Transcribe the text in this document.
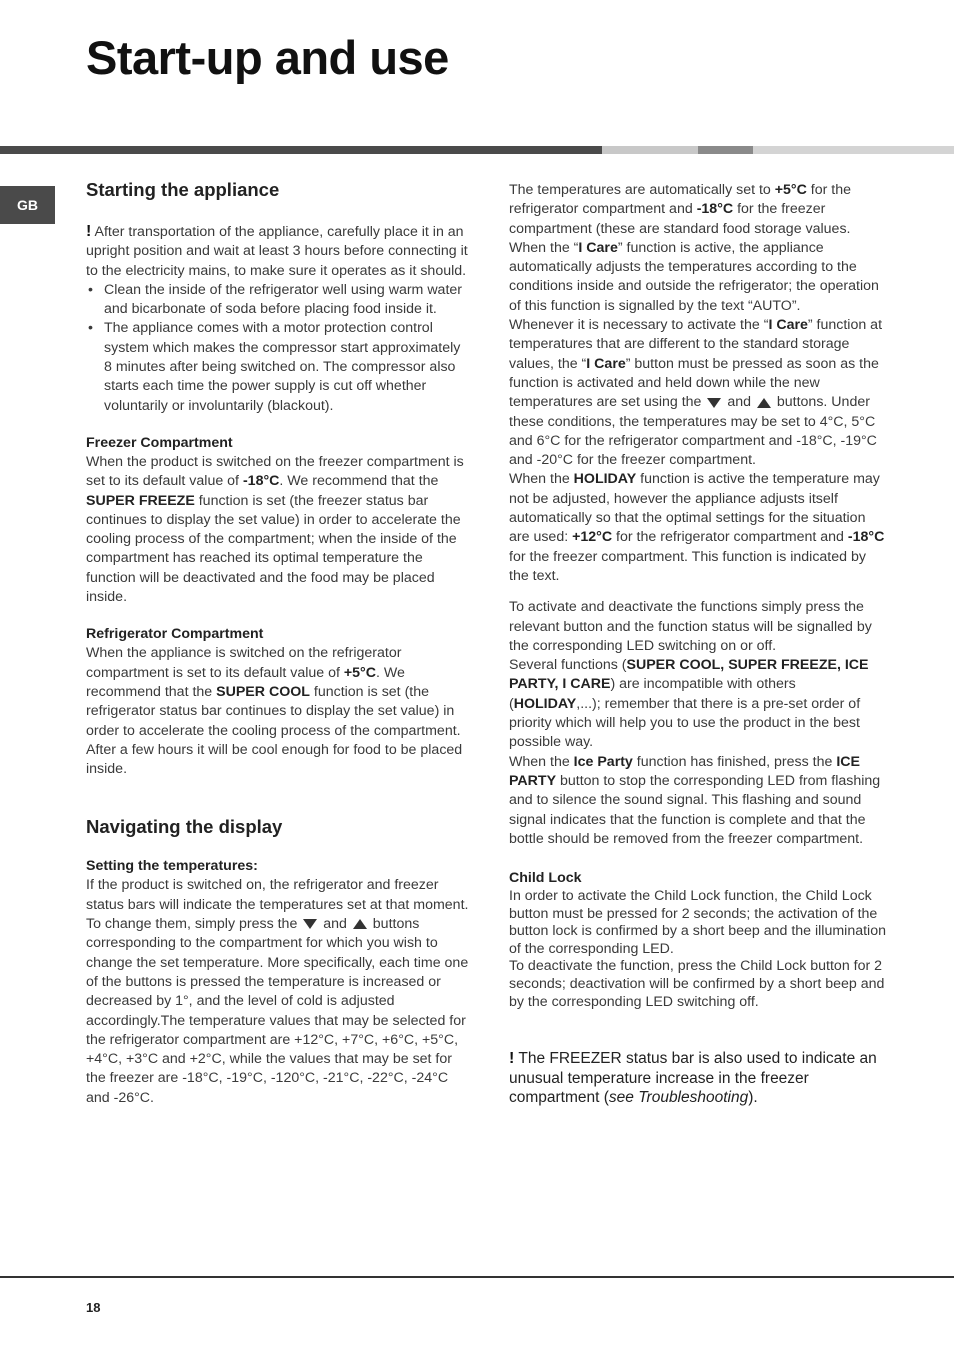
Start-up and use
GB
Starting the appliance

! After transportation of the appliance, carefully place it in an upright position and wait at least 3 hours before connecting it to the electricity mains, to make sure it operates as it should.

• Clean the inside of the refrigerator well using warm water and bicarbonate of soda before placing food inside it.
• The appliance comes with a motor protection control system which makes the compressor start approximately 8 minutes after being switched on. The compressor also starts each time the power supply is cut off whether voluntarily or involuntarily (blackout).
Freezer Compartment

When the product is switched on the freezer compartment is set to its default value of -18°C. We recommend that the SUPER FREEZE function is set (the freezer status bar continues to display the set value) in order to accelerate the cooling process of the compartment; when the inside of the compartment has reached its optimal temperature the function will be deactivated and the food may be placed inside.

Refrigerator Compartment

When the appliance is switched on the refrigerator compartment is set to its default value of +5°C. We recommend that the SUPER COOL function is set (the refrigerator status bar continues to display the set value) in order to accelerate the cooling process of the compartment. After a few hours it will be cool enough for food to be placed inside.

Navigating the display
Setting the temperatures:

If the product is switched on, the refrigerator and freezer status bars will indicate the temperatures set at that moment. To change them, simply press the  and  buttons corresponding to the compartment for which you wish to change the set temperature. More specifically, each time one of the buttons is pressed the temperature is increased or decreased by 1°, and the level of cold is adjusted accordingly.The temperature values that may be selected for the refrigerator compartment are +12°C, +7°C, +6°C, +5°C, +4°C, +3°C and +2°C, while the values that may be set for the freezer are -18°C, -19°C, -120°C, -21°C, -22°C, -24°C and -26°C.

The temperatures are automatically set to +5°C for the refrigerator compartment and -18°C for the freezer compartment (these are standard food storage values.

When the “I Care” function is active, the appliance automatically adjusts the temperatures according to the conditions inside and outside the refrigerator; the operation of this function is signalled by the text “AUTO”.

Whenever it is necessary to activate the “I Care” function at temperatures that are different to the standard storage values, the “I Care” button must be pressed as soon as the function is activated and held down while the new temperatures are set using the  and  buttons. Under these conditions, the temperatures may be set to 4°C, 5°C and 6°C for the refrigerator compartment and -18°C, -19°C and -20°C for the freezer compartment.

When the HOLIDAY function is active the temperature may not be adjusted, however the appliance adjusts itself automatically so that the optimal settings for the situation are used: +12°C for the refrigerator compartment and -18°C for the freezer compartment. This function is indicated by the text.

To activate and deactivate the functions simply press the relevant button and the function status will be signalled by the corresponding LED switching on or off.

Several functions (SUPER COOL, SUPER FREEZE, ICE PARTY, I CARE) are incompatible with others (HOLIDAY,...); remember that there is a pre-set order of priority which will help you to use the product in the best possible way.

When the Ice Party function has finished, press the ICE PARTY button to stop the corresponding LED from flashing and to silence the sound signal. This flashing and sound signal indicates that the function is complete and that the bottle should be removed from the freezer compartment.

Child Lock

In order to activate the Child Lock function, the Child Lock button must be pressed for 2 seconds; the activation of the button lock is confirmed by a short beep and the illumination of the corresponding LED.

To deactivate the function, press the Child Lock button for 2 seconds; deactivation will be confirmed by a short beep and by the corresponding LED switching off.

! The FREEZER status bar is also used to indicate an unusual temperature increase in the freezer compartment (see Troubleshooting).

18
